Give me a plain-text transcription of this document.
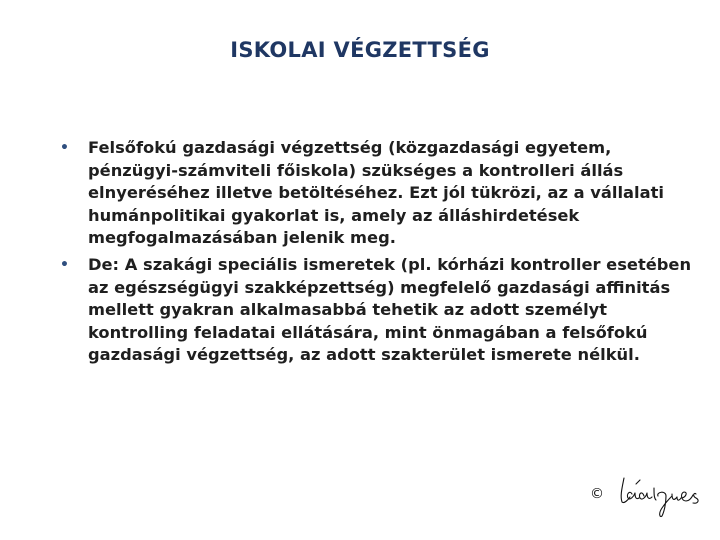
ISKOLAI VÉGZETTSÉG
• Felsőfokú gazdasági végzettség (közgazdasági egyetem, pénzügyi-számviteli főiskola) szükséges a kontrolleri állás elnyeréséhez illetve betöltéséhez. Ezt jól tükrözi, az a vállalati humánpolitikai gyakorlat is, amely az álláshirdetések megfogalmazásában jelenik meg.
• De: A szakági speciális ismeretek (pl. kórházi kontroller esetében az egészségügyi szakképzettség) megfelelő gazdasági affinitás mellett gyakran alkalmasabbá tehetik az adott személyt kontrolling feladatai ellátására, mint önmagában a felsőfokú gazdasági végzettség, az adott szakterület ismerete nélkül.
©
